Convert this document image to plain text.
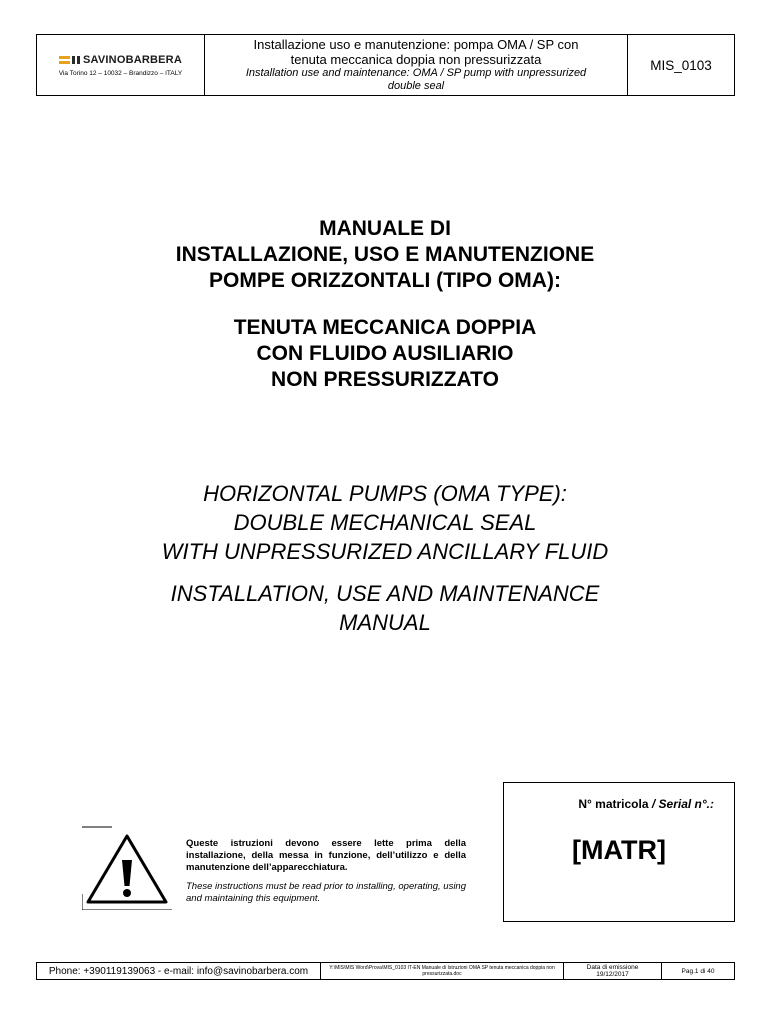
SAVINOBARBERA
Via Torino 12 – 10032 – Brandizzo – ITALY
Installazione uso e manutenzione: pompa OMA / SP con
tenuta meccanica doppia non pressurizzata
Installation use and maintenance: OMA / SP pump with unpressurized
double seal
MIS_0103
MANUALE DI
INSTALLAZIONE, USO E MANUTENZIONE
POMPE ORIZZONTALI (TIPO OMA):
TENUTA MECCANICA DOPPIA
CON FLUIDO AUSILIARIO
NON PRESSURIZZATO
HORIZONTAL PUMPS (OMA TYPE):
DOUBLE MECHANICAL SEAL
WITH UNPRESSURIZED ANCILLARY FLUID
INSTALLATION, USE AND MAINTENANCE
MANUAL
Queste istruzioni devono essere lette prima della installazione, della messa in funzione, dell’utilizzo e della manutenzione dell’apparecchiatura.
These instructions must be read prior to installing, operating, using and maintaining this equipment.
N° matricola / Serial n°.:
[MATR]
Phone: +390119139063 - e-mail: info@savinobarbera.com	Y:\MIS\MIS Word\Prova\MIS_0103 IT-EN Manuale di Istruzioni OMA SP tenuta meccanica doppia non pressurizzata.doc
Data di emissione
19/12/2017	Pag.1 di 40
